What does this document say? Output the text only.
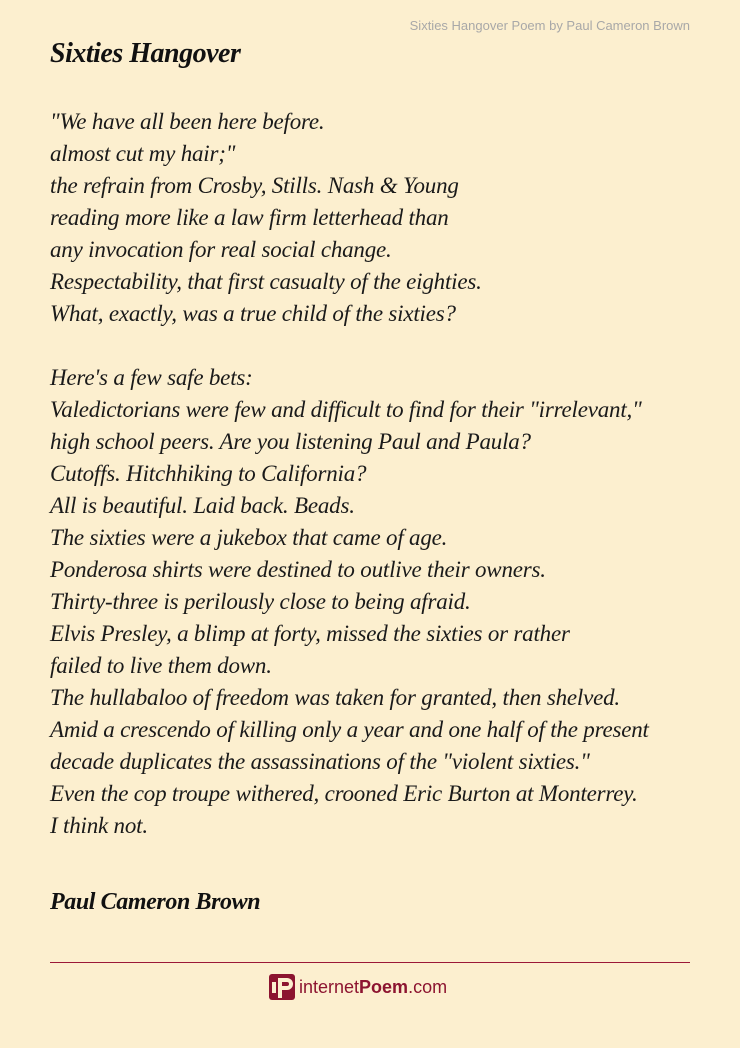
Sixties Hangover Poem by Paul Cameron Brown
Sixties Hangover
"We have all been here before.
almost cut my hair;"
the refrain from Crosby, Stills. Nash & Young
reading more like a law firm letterhead than
any invocation for real social change.
Respectability, that first casualty of the eighties.
What, exactly, was a true child of the sixties?
Here's a few safe bets:
Valedictorians were few and difficult to find for their "irrelevant,"
high school peers. Are you listening Paul and Paula?
Cutoffs. Hitchhiking to California?
All is beautiful. Laid back. Beads.
The sixties were a jukebox that came of age.
Ponderosa shirts were destined to outlive their owners.
Thirty-three is perilously close to being afraid.
Elvis Presley, a blimp at forty, missed the sixties or rather
failed to live them down.
The hullabaloo of freedom was taken for granted, then shelved.
Amid a crescendo of killing only a year and one half of the present
decade duplicates the assassinations of the "violent sixties."
Even the cop troupe withered, crooned Eric Burton at Monterrey.
I think not.
Paul Cameron Brown
internetPoem.com
